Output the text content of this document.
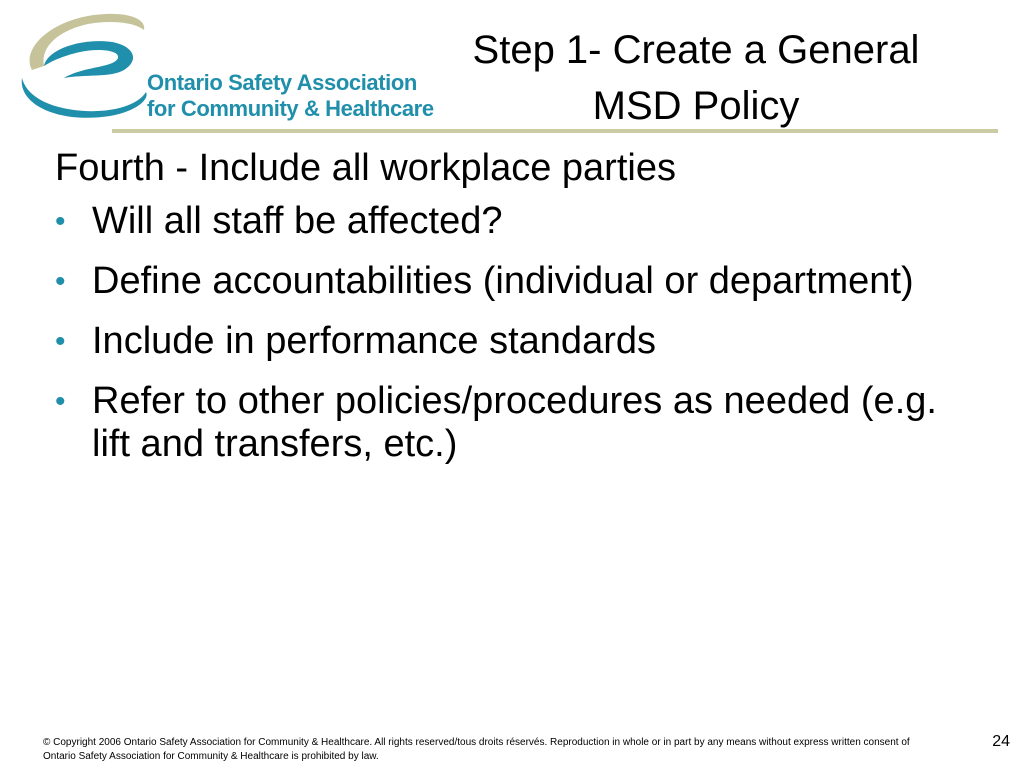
Ontario Safety Association
for Community & Healthcare
Step 1- Create a General
MSD Policy
Fourth - Include all workplace parties
• Will all staff be affected?
• Define accountabilities (individual or department)
• Include in performance standards
• Refer to other policies/procedures as needed (e.g. lift and transfers, etc.)
© Copyright 2006 Ontario Safety Association for Community & Healthcare. All rights reserved/tous droits réservés. Reproduction in whole or in part by any means without express written consent of Ontario Safety Association for Community & Healthcare is prohibited by law.
24
